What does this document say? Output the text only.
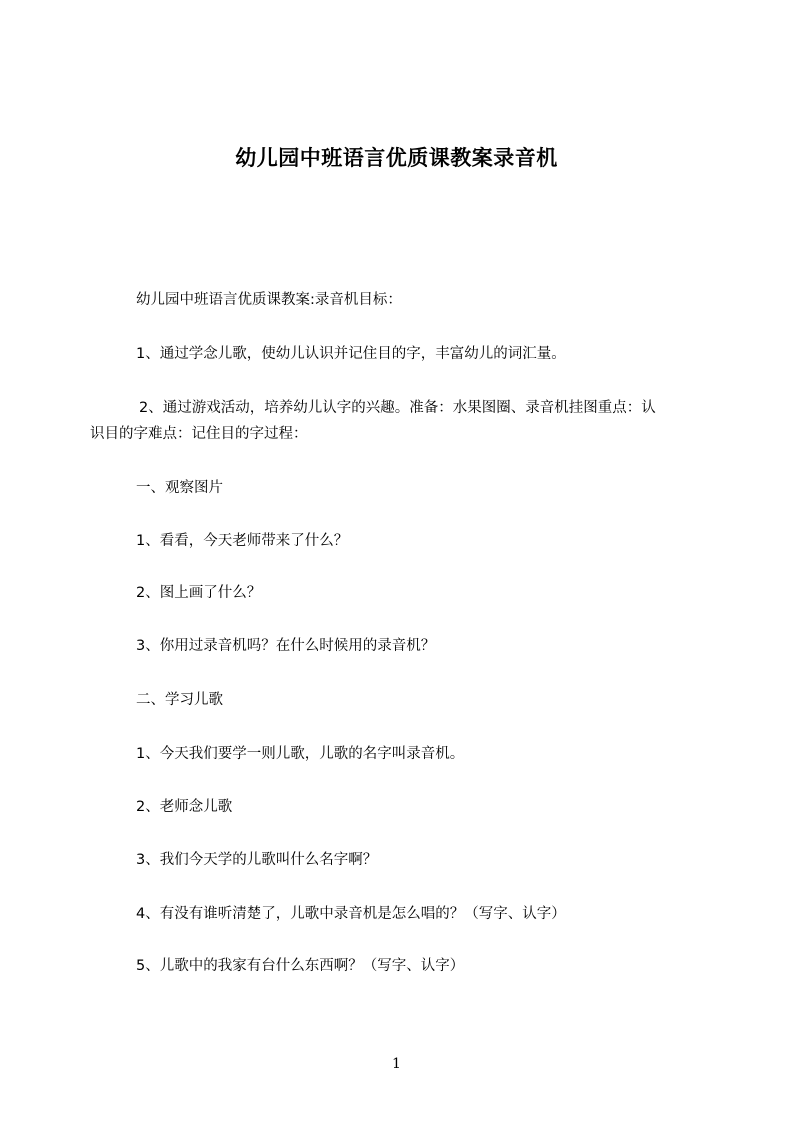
幼儿园中班语言优质课教案录音机
幼儿园中班语言优质课教案:录音机目标：
1、通过学念儿歌，使幼儿认识并记住目的字，丰富幼儿的词汇量。
2、通过游戏活动，培养幼儿认字的兴趣。准备：水果图圈、录音机挂图重点：认
识目的字难点：记住目的字过程：
一、观察图片
1、看看，今天老师带来了什么？
2、图上画了什么？
3、你用过录音机吗？在什么时候用的录音机？
二、学习儿歌
1、今天我们要学一则儿歌，儿歌的名字叫录音机。
2、老师念儿歌
3、我们今天学的儿歌叫什么名字啊？
4、有没有谁听清楚了，儿歌中录音机是怎么唱的？（写字、认字）
5、儿歌中的我家有台什么东西啊？（写字、认字）
1
